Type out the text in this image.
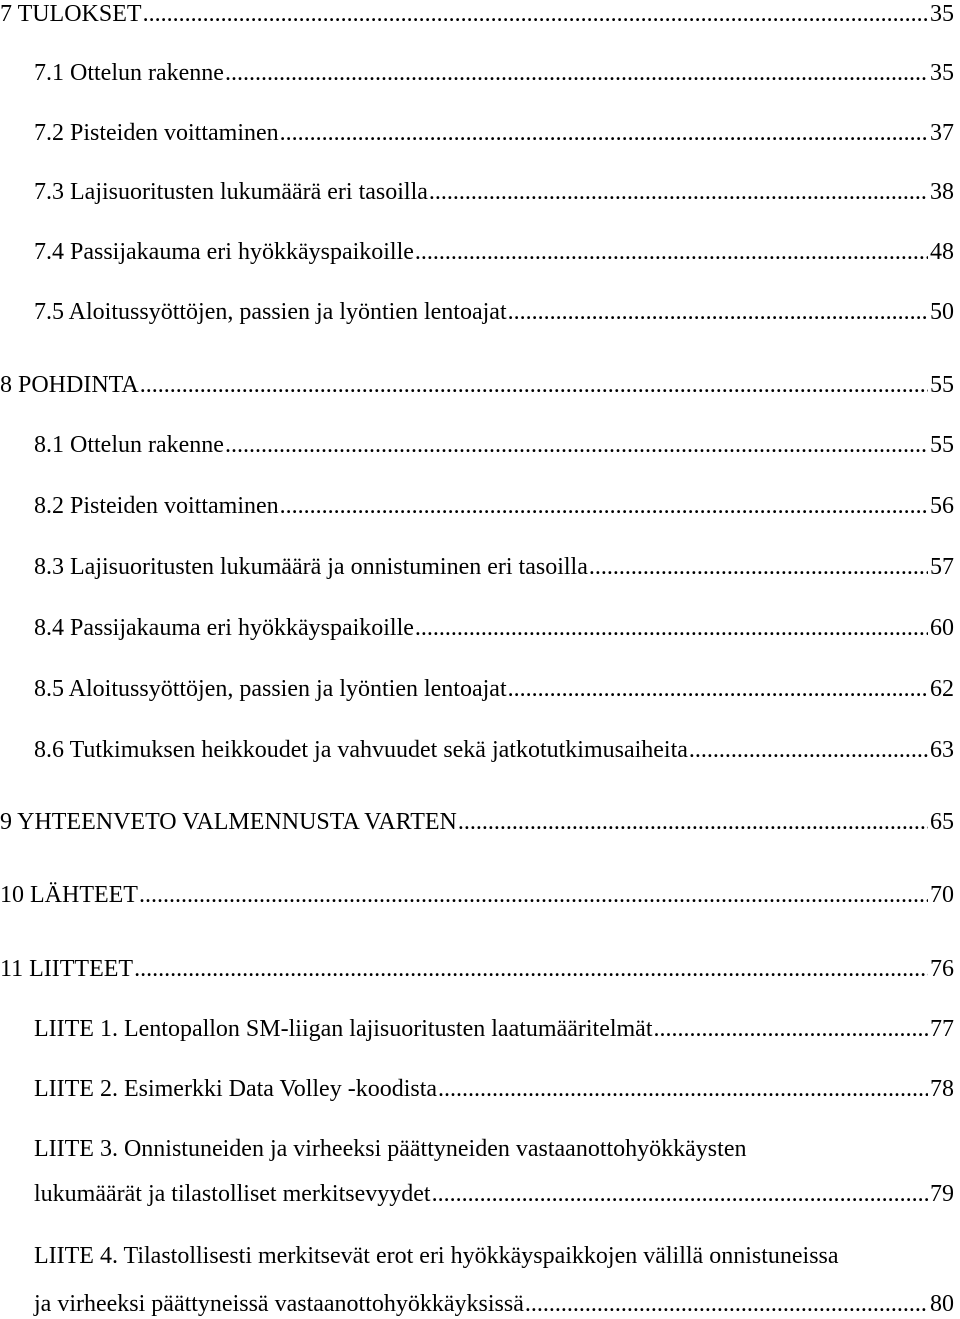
7 TULOKSET .....	35
7.1 Ottelun rakenne .....	35
7.2 Pisteiden voittaminen .....	37
7.3 Lajisuoritusten lukumäärä eri tasoilla .....	38
7.4 Passijakauma eri hyökkäyspaikoille .....	48
7.5 Aloitussyöttöjen, passien ja lyöntien lentoajat .....	50
8 POHDINTA .....	55
8.1 Ottelun rakenne .....	55
8.2 Pisteiden voittaminen .....	56
8.3 Lajisuoritusten lukumäärä ja onnistuminen eri tasoilla .....	57
8.4 Passijakauma eri hyökkäyspaikoille .....	60
8.5 Aloitussyöttöjen, passien ja lyöntien lentoajat .....	62
8.6 Tutkimuksen heikkoudet ja vahvuudet sekä jatkotutkimusaiheita .....	63
9 YHTEENVETO VALMENNUSTA VARTEN .....	65
10 LÄHTEET .....	70
11 LIITTEET .....	76
LIITE 1. Lentopallon SM-liigan lajisuoritusten laatumääritelmät .....	77
LIITE 2. Esimerkki Data Volley -koodista .....	78
LIITE 3. Onnistuneiden ja virheeksi päättyneiden vastaanottohyökkäysten
lukumäärät ja tilastolliset merkitsevyydet .....	79
LIITE 4. Tilastollisesti merkitsevät erot eri hyökkäyspaikkojen välillä onnistuneissa
ja virheeksi päättyneissä vastaanottohyökkäyksissä .....	80
